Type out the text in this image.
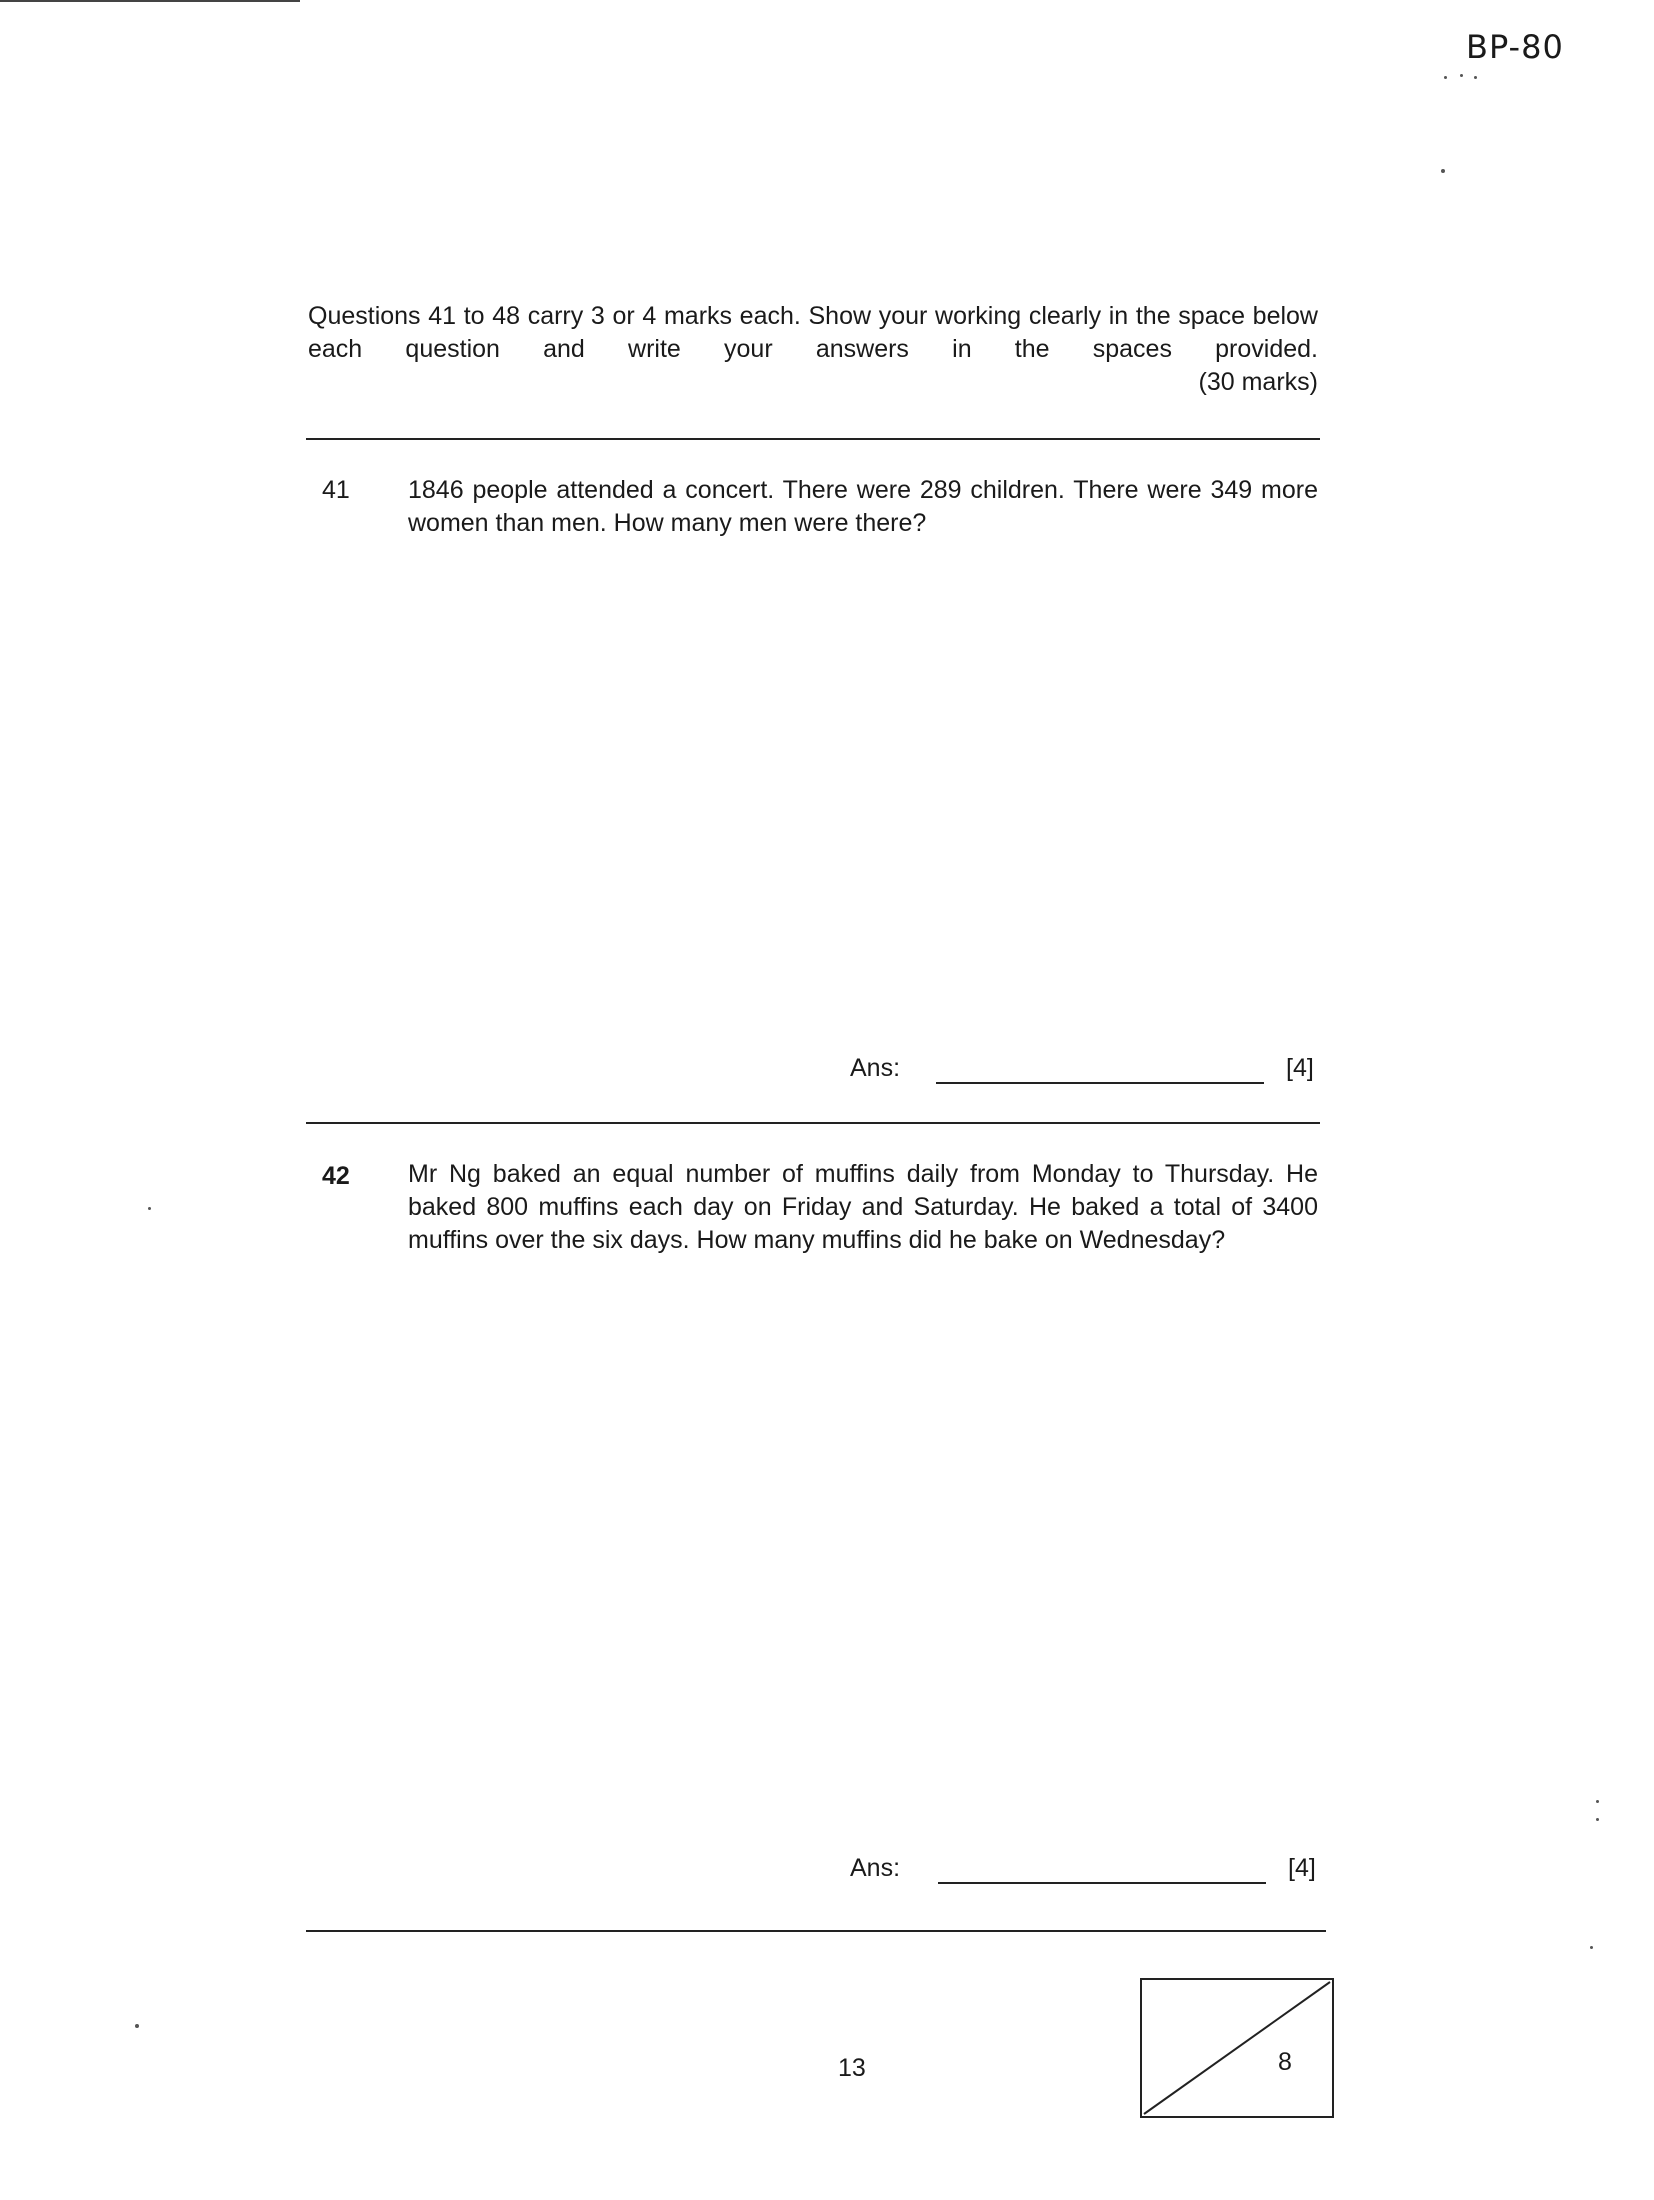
BP-80
Questions 41 to 48 carry 3 or 4 marks each. Show your working clearly in the space below each question and write your answers in the spaces provided.
(30 marks)
41 1846 people attended a concert. There were 289 children. There were 349 more women than men. How many men were there?
Ans:	[4]
42 Mr Ng baked an equal number of muffins daily from Monday to Thursday. He baked 800 muffins each day on Friday and Saturday. He baked a total of 3400 muffins over the six days. How many muffins did he bake on Wednesday?
Ans:	[4]
13	8
